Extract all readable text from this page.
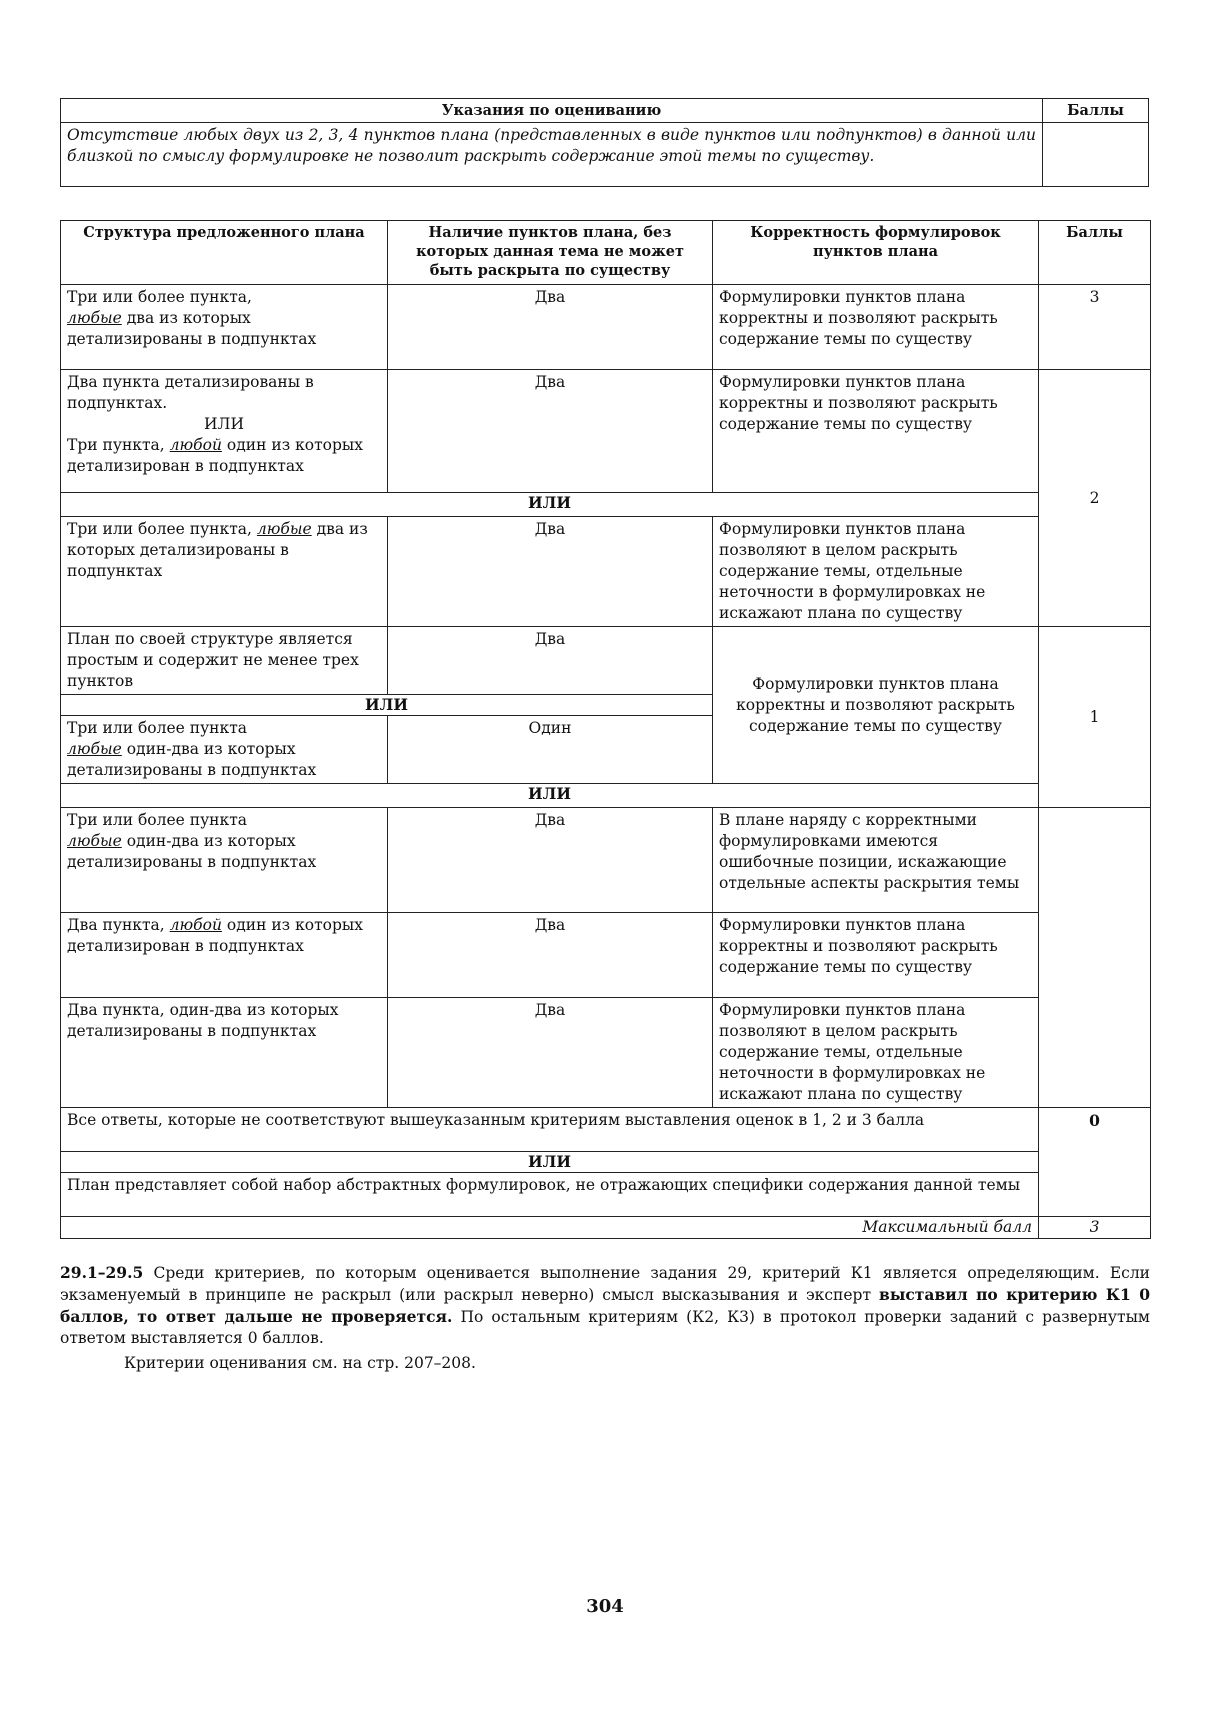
Указания по оцениванию	Баллы
Отсутствие любых двух из 2, 3, 4 пунктов плана (представленных в виде пунктов или подпунктов) в данной или близкой по смыслу формулировке не позволит раскрыть содержание этой темы по существу.	
Структура предложенного плана	Наличие пунктов плана, без которых данная тема не может быть раскрыта по существу	Корректность формулировок пунктов плана	Баллы
Три или более пункта,
любые два из которых детализированы в подпунктах	Два	Формулировки пунктов плана корректны и позволяют раскрыть содержание темы по существу	3
Два пункта детализированы в подпунктах.
ИЛИ
Три пункта, любой один из которых детализирован в подпунктах	Два	Формулировки пунктов плана корректны и позволяют раскрыть содержание темы по существу	2
ИЛИ			
Три или более пункта, любые два из которых детализированы в подпунктах	Два	Формулировки пунктов плана позволяют в целом раскрыть содержание темы, отдельные неточности в формулировках не искажают плана по существу	
План по своей структуре является простым и содержит не менее трех пунктов	Два	Формулировки пунктов плана корректны и позволяют раскрыть содержание темы по существу	1
ИЛИ			
Три или более пункта
любые один-два из которых детализированы в подпунктах	Один		
ИЛИ			
Три или более пункта
любые один-два из которых детализированы в подпунктах	Два	В плане наряду с корректными формулировками имеются ошибочные позиции, искажающие отдельные аспекты раскрытия темы	
Два пункта, любой один из которых детализирован в подпунктах	Два	Формулировки пунктов плана корректны и позволяют раскрыть содержание темы по существу	
Два пункта, один-два из которых детализированы в подпунктах	Два	Формулировки пунктов плана позволяют в целом раскрыть содержание темы, отдельные неточности в формулировках не искажают плана по существу	
Все ответы, которые не соответствуют вышеуказанным критериям выставления оценок в 1, 2 и 3 балла			0
ИЛИ			
План представляет собой набор абстрактных формулировок, не отражающих специфики содержания данной темы			
Максимальный балл			3
29.1–29.5 Среди критериев, по которым оценивается выполнение задания 29, критерий К1 является определяющим. Если экзаменуемый в принципе не раскрыл (или раскрыл неверно) смысл высказывания и эксперт выставил по критерию К1 0 баллов, то ответ дальше не проверяется. По остальным критериям (К2, К3) в протокол проверки заданий с развернутым ответом выставляется 0 баллов.
Критерии оценивания см. на стр. 207–208.
304
